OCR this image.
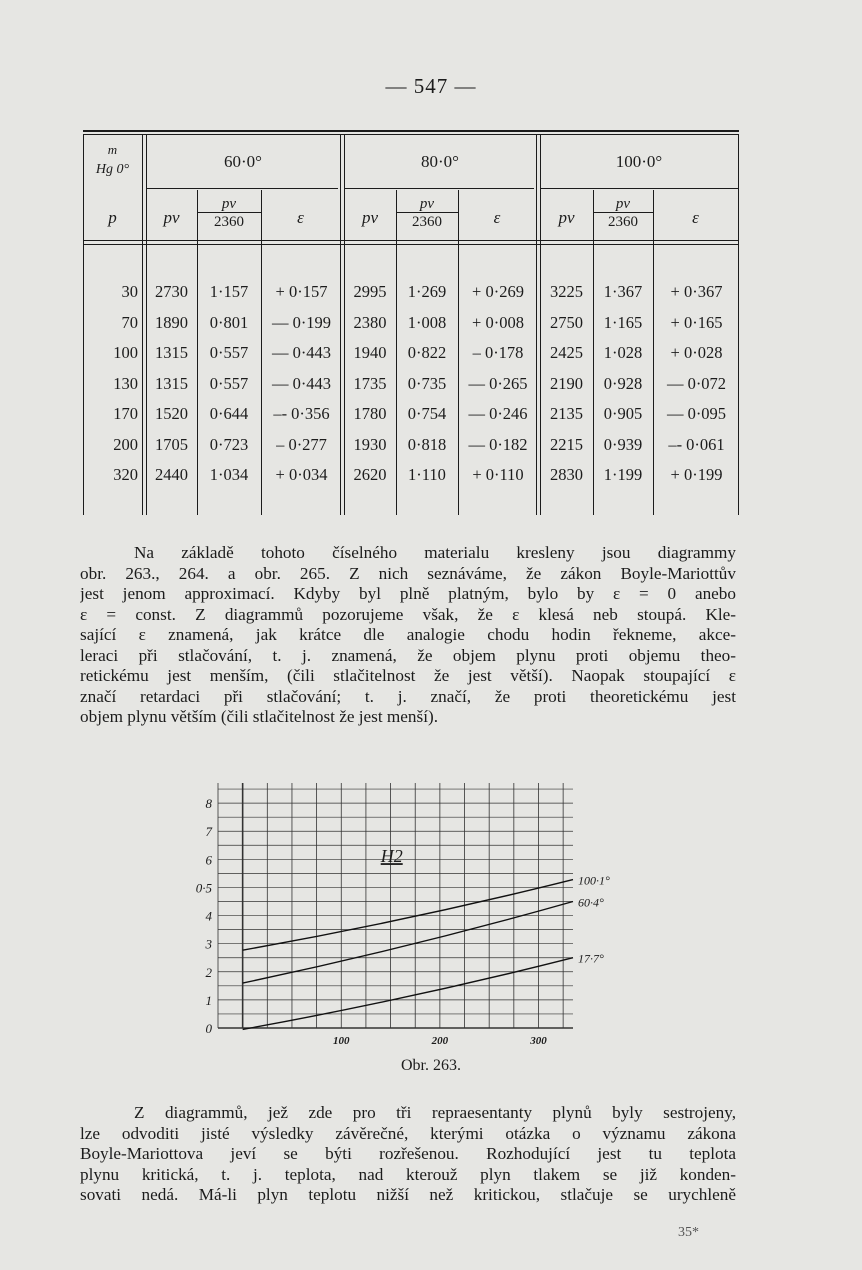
— 547 —
m
Hg 0°
p
60·0°	80·0°	100·0°
pv	$\frac{pv}{2360}$	ε	pv	$\frac{pv}{2360}$	ε	pv	$\frac{pv}{2360}$	ε
30	2730	1·157	+ 0·157	2995	1·269	+ 0·269	3225	1·367	+ 0·367
70	1890	0·801	— 0·199	2380	1·008	+ 0·008	2750	1·165	+ 0·165
100	1315	0·557	— 0·443	1940	0·822	– 0·178	2425	1·028	+ 0·028
130	1315	0·557	— 0·443	1735	0·735	— 0·265	2190	0·928	— 0·072
170	1520	0·644	–- 0·356	1780	0·754	— 0·246	2135	0·905	— 0·095
200	1705	0·723	– 0·277	1930	0·818	— 0·182	2215	0·939	–- 0·061
320	2440	1·034	+ 0·034	2620	1·110	+ 0·110	2830	1·199	+ 0·199
Na základě tohoto číselného materialu kresleny jsou diagrammy
obr. 263., 264. a obr. 265. Z nich seznáváme, že zákon Boyle-Mariottův
jest jenom approximací. Kdyby byl plně platným, bylo by ε = 0 anebo
ε = const. Z diagrammů pozorujeme však, že ε klesá neb stoupá. Kle-
sající ε znamená, jak krátce dle analogie chodu hodin řekneme, akce-
leraci při stlačování, t. j. znamená, že objem plynu proti objemu theo-
retickému jest menším, (čili stlačitelnost že jest větší). Naopak stoupající ε
značí retardaci při stlačování; t. j. značí, že proti theoretickému jest
objem plynu větším (čili stlačitelnost že jest menší).
0
1
2
3
4
0·5
6
7
8
100	200	300
100·1°
60·4°
17·7°
H2
Obr. 263.
Z diagrammů, jež zde pro tři repraesentanty plynů byly sestrojeny,
lze odvoditi jisté výsledky závěrečné, kterými otázka o významu zákona
Boyle-Mariottova jeví se býti rozřešenou. Rozhodující jest tu teplota
plynu kritická, t. j. teplota, nad kterouž plyn tlakem se již konden-
sovati nedá. Má-li plyn teplotu nižší než kritickou, stlačuje se urychleně
35*
